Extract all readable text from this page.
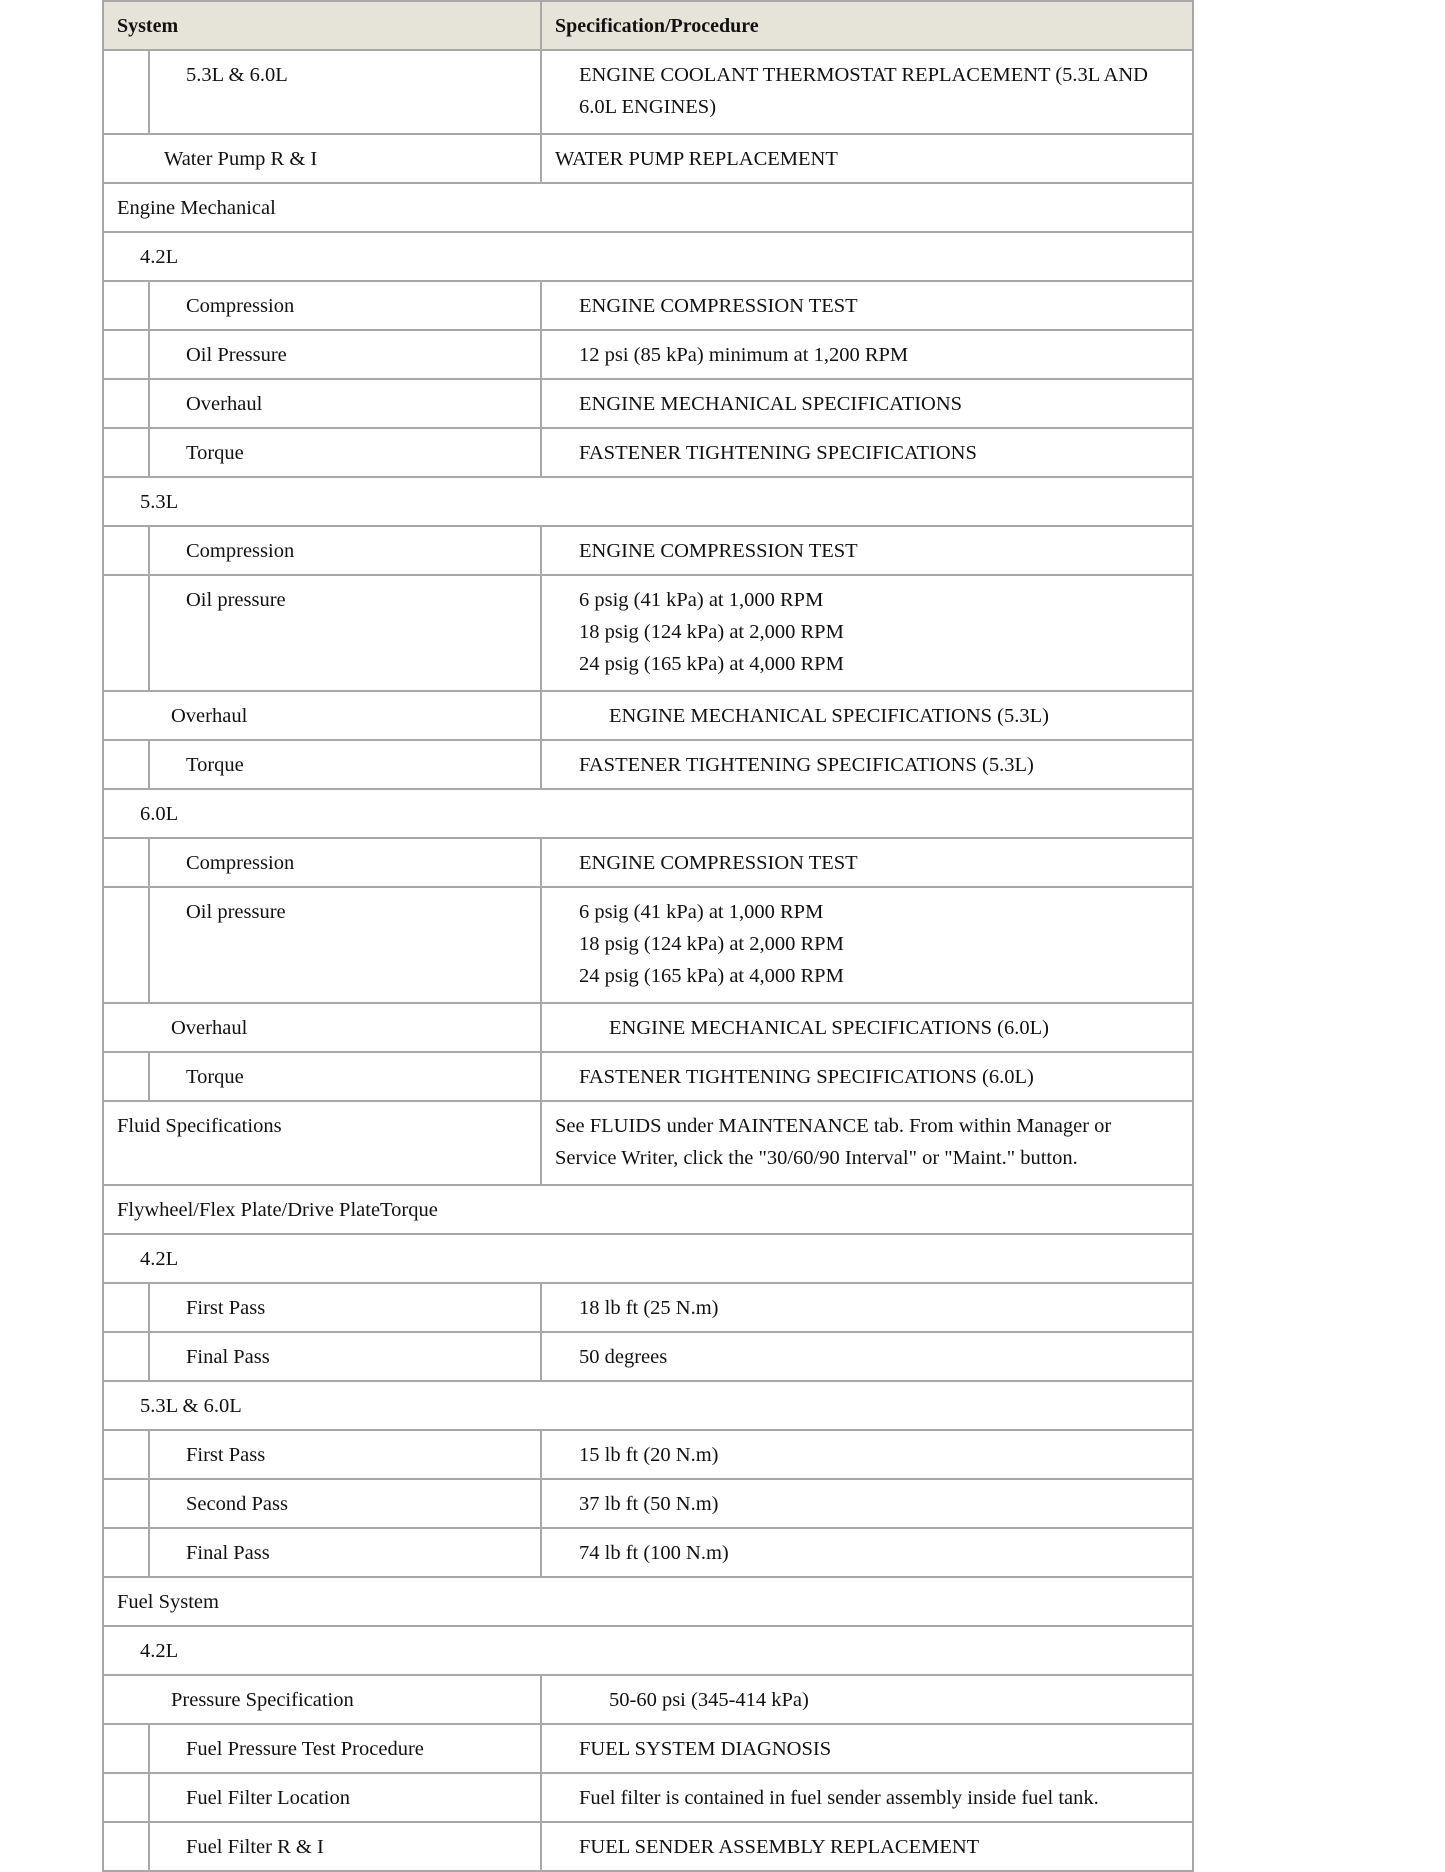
System	Specification/Procedure
5.3L & 6.0L	ENGINE COOLANT THERMOSTAT REPLACEMENT (5.3L AND
6.0L ENGINES)
Water Pump R & I	WATER PUMP REPLACEMENT
Engine Mechanical
4.2L
Compression	ENGINE COMPRESSION TEST
Oil Pressure	12 psi (85 kPa) minimum at 1,200 RPM
Overhaul	ENGINE MECHANICAL SPECIFICATIONS
Torque	FASTENER TIGHTENING SPECIFICATIONS
5.3L
Compression	ENGINE COMPRESSION TEST
Oil pressure	6 psig (41 kPa) at 1,000 RPM
18 psig (124 kPa) at 2,000 RPM
24 psig (165 kPa) at 4,000 RPM
Overhaul	ENGINE MECHANICAL SPECIFICATIONS (5.3L)
Torque	FASTENER TIGHTENING SPECIFICATIONS (5.3L)
6.0L
Compression	ENGINE COMPRESSION TEST
Oil pressure	6 psig (41 kPa) at 1,000 RPM
18 psig (124 kPa) at 2,000 RPM
24 psig (165 kPa) at 4,000 RPM
Overhaul	ENGINE MECHANICAL SPECIFICATIONS (6.0L)
Torque	FASTENER TIGHTENING SPECIFICATIONS (6.0L)
Fluid Specifications	See FLUIDS under MAINTENANCE tab. From within Manager or
Service Writer, click the "30/60/90 Interval" or "Maint." button.
Flywheel/Flex Plate/Drive PlateTorque
4.2L
First Pass	18 lb ft (25 N.m)
Final Pass	50 degrees
5.3L & 6.0L
First Pass	15 lb ft (20 N.m)
Second Pass	37 lb ft (50 N.m)
Final Pass	74 lb ft (100 N.m)
Fuel System
4.2L
Pressure Specification	50-60 psi (345-414 kPa)
Fuel Pressure Test Procedure	FUEL SYSTEM DIAGNOSIS
Fuel Filter Location	Fuel filter is contained in fuel sender assembly inside fuel tank.
Fuel Filter R & I	FUEL SENDER ASSEMBLY REPLACEMENT
